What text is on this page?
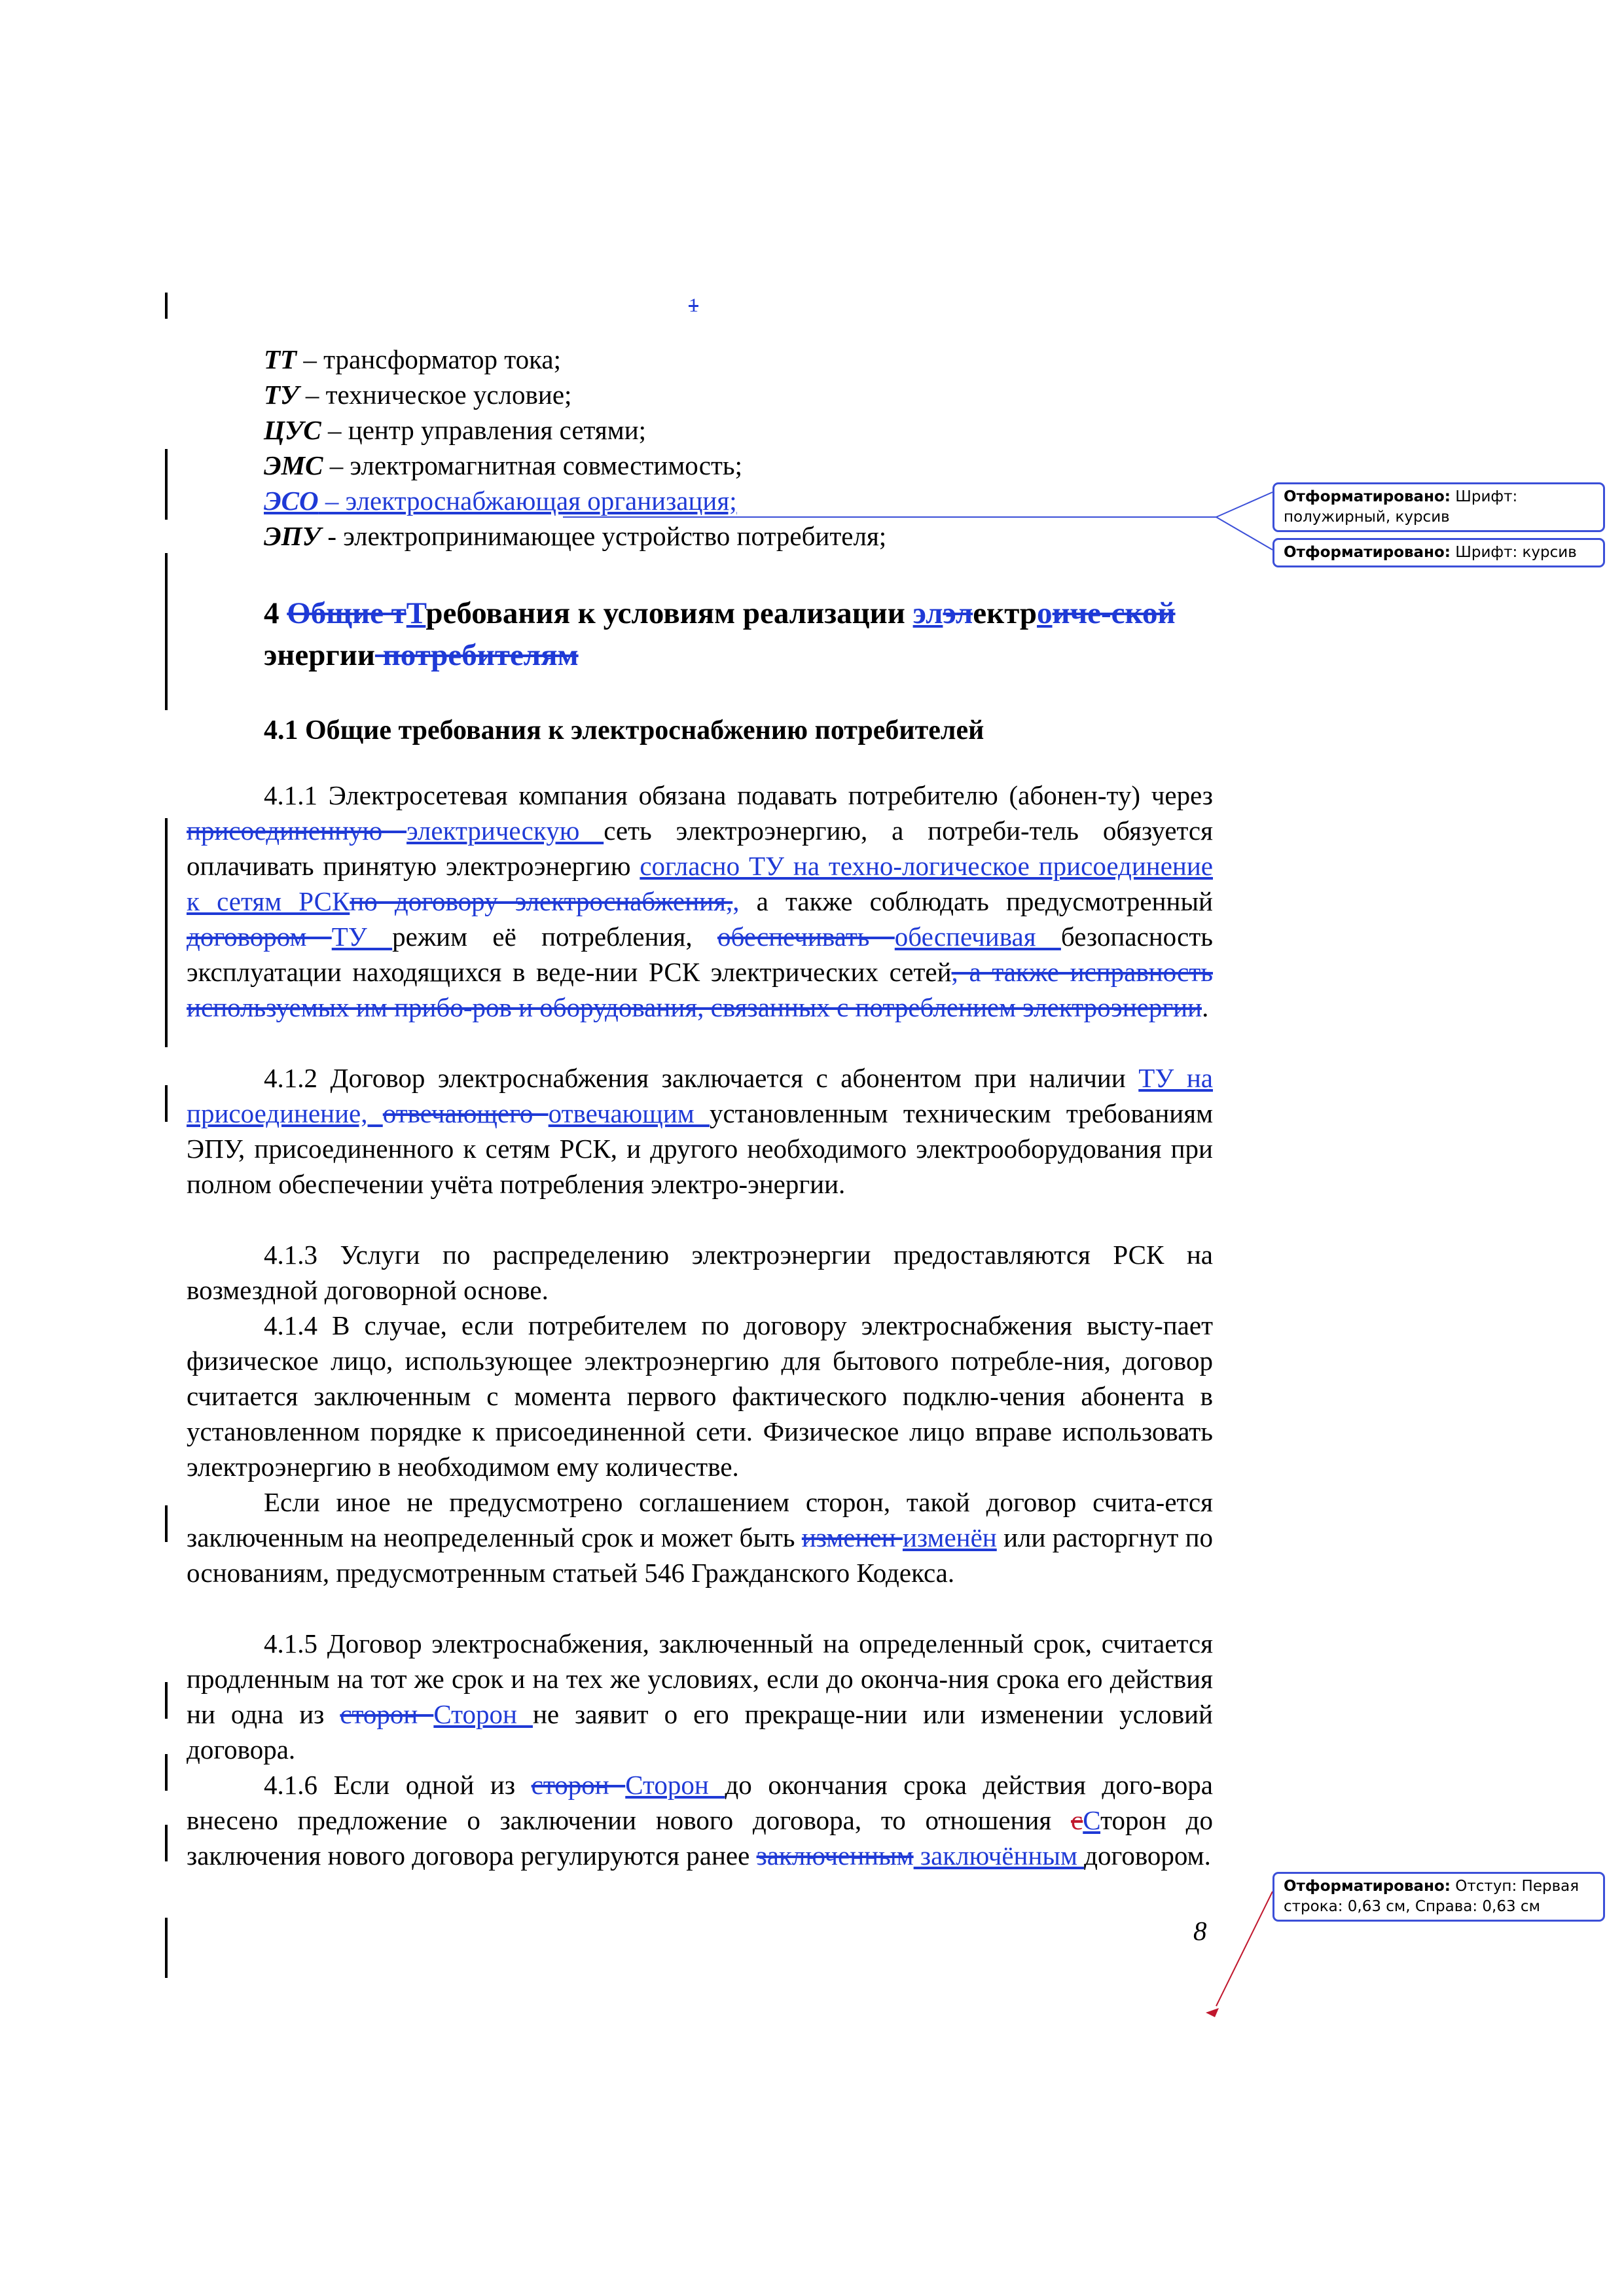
1
ТТ – трансформатор тока;
ТУ – техническое условие;
ЦУС – центр управления сетями;
ЭМС – электромагнитная совместимость;
ЭСО – электроснабжающая организация;
ЭПУ - электропринимающее устройство потребителя;
4 Общие тТребования к условиям реализации элэлектроиче-ской энергии потребителям
4.1 Общие требования к электроснабжению потребителей
4.1.1 Электросетевая компания обязана подавать потребителю (абонен-ту) через присоединенную электрическую сеть электроэнергию, а потреби-тель обязуется оплачивать принятую электроэнергию согласно ТУ на техно-логическое присоединение к сетям РСКпо договору электроснабжения,, а также соблюдать предусмотренный договором ТУ режим её потребления, обеспечивать обеспечивая безопасность эксплуатации находящихся в веде-нии РСК электрических сетей, а также исправность используемых им прибо-ров и оборудования, связанных с потреблением электроэнергии.
4.1.2 Договор электроснабжения заключается с абонентом при наличии ТУ на присоединение, отвечающего отвечающим установленным техническим требованиям ЭПУ, присоединенного к сетям РСК, и другого необходимого электрооборудования при полном обеспечении учёта потребления электро-энергии.
4.1.3 Услуги по распределению электроэнергии предоставляются РСК на возмездной договорной основе.
4.1.4 В случае, если потребителем по договору электроснабжения высту-пает физическое лицо, использующее электроэнергию для бытового потребле-ния, договор считается заключенным с момента первого фактического подклю-чения абонента в установленном порядке к присоединенной сети. Физическое лицо вправе использовать электроэнергию в необходимом ему количестве.
Если иное не предусмотрено соглашением сторон, такой договор счита-ется заключенным на неопределенный срок и может быть изменен изменён или расторгнут по основаниям, предусмотренным статьей 546 Гражданского Кодекса.
4.1.5 Договор электроснабжения, заключенный на определенный срок, считается продленным на тот же срок и на тех же условиях, если до оконча-ния срока его действия ни одна из сторон Сторон не заявит о его прекраще-нии или изменении условий договора.
4.1.6 Если одной из сторон Сторон до окончания срока действия дого-вора внесено предложение о заключении нового договора, то отношения сСторон до заключения нового договора регулируются ранее заключенным заключённым договором.
8
Отформатировано: Шрифт: полужирный, курсив
Отформатировано: Шрифт: курсив
Отформатировано: Отступ: Первая строка: 0,63 см, Справа: 0,63 см
